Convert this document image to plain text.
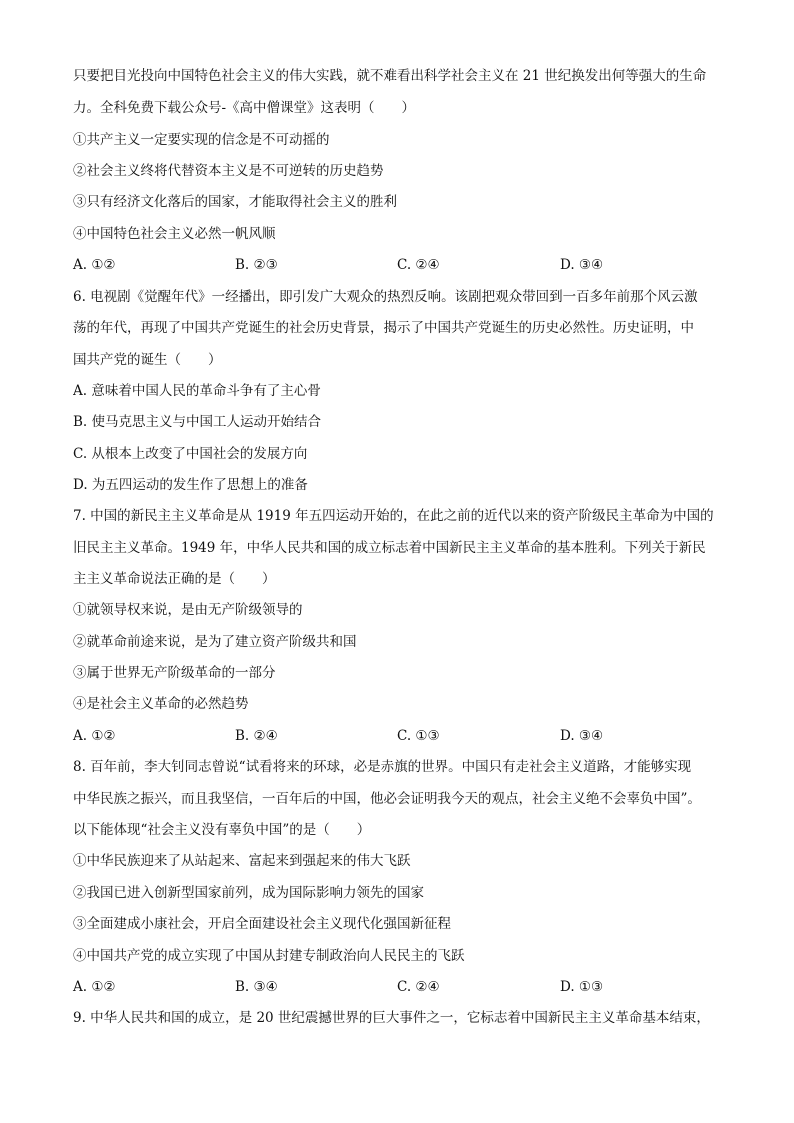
只要把目光投向中国特色社会主义的伟大实践，就不难看出科学社会主义在 21 世纪换发出何等强大的生命
力。全科免费下载公众号-《高中僧课堂》这表明（　　）
①共产主义一定要实现的信念是不可动摇的
②社会主义终将代替资本主义是不可逆转的历史趋势
③只有经济文化落后的国家，才能取得社会主义的胜利
④中国特色社会主义必然一帆风顺
A. ①②	B. ②③	C. ②④	D. ③④
6. 电视剧《觉醒年代》一经播出，即引发广大观众的热烈反响。该剧把观众带回到一百多年前那个风云激
荡的年代，再现了中国共产党诞生的社会历史背景，揭示了中国共产党诞生的历史必然性。历史证明，中
国共产党的诞生（　　）
A. 意味着中国人民的革命斗争有了主心骨
B. 使马克思主义与中国工人运动开始结合
C. 从根本上改变了中国社会的发展方向
D. 为五四运动的发生作了思想上的准备
7. 中国的新民主主义革命是从 1919 年五四运动开始的，在此之前的近代以来的资产阶级民主革命为中国的
旧民主主义革命。1949 年，中华人民共和国的成立标志着中国新民主主义革命的基本胜利。下列关于新民
主主义革命说法正确的是（　　）
①就领导权来说，是由无产阶级领导的
②就革命前途来说，是为了建立资产阶级共和国
③属于世界无产阶级革命的一部分
④是社会主义革命的必然趋势
A. ①②	B. ②④	C. ①③	D. ③④
8. 百年前，李大钊同志曾说“试看将来的环球，必是赤旗的世界。中国只有走社会主义道路，才能够实现
中华民族之振兴，而且我坚信，一百年后的中国，他必会证明我今天的观点，社会主义绝不会辜负中国”。
以下能体现“社会主义没有辜负中国”的是（　　）
①中华民族迎来了从站起来、富起来到强起来的伟大飞跃
②我国已进入创新型国家前列，成为国际影响力领先的国家
③全面建成小康社会，开启全面建设社会主义现代化强国新征程
④中国共产党的成立实现了中国从封建专制政治向人民民主的飞跃
A. ①②	B. ③④	C. ②④	D. ①③
9. 中华人民共和国的成立，是 20 世纪震撼世界的巨大事件之一，它标志着中国新民主主义革命基本结束，
